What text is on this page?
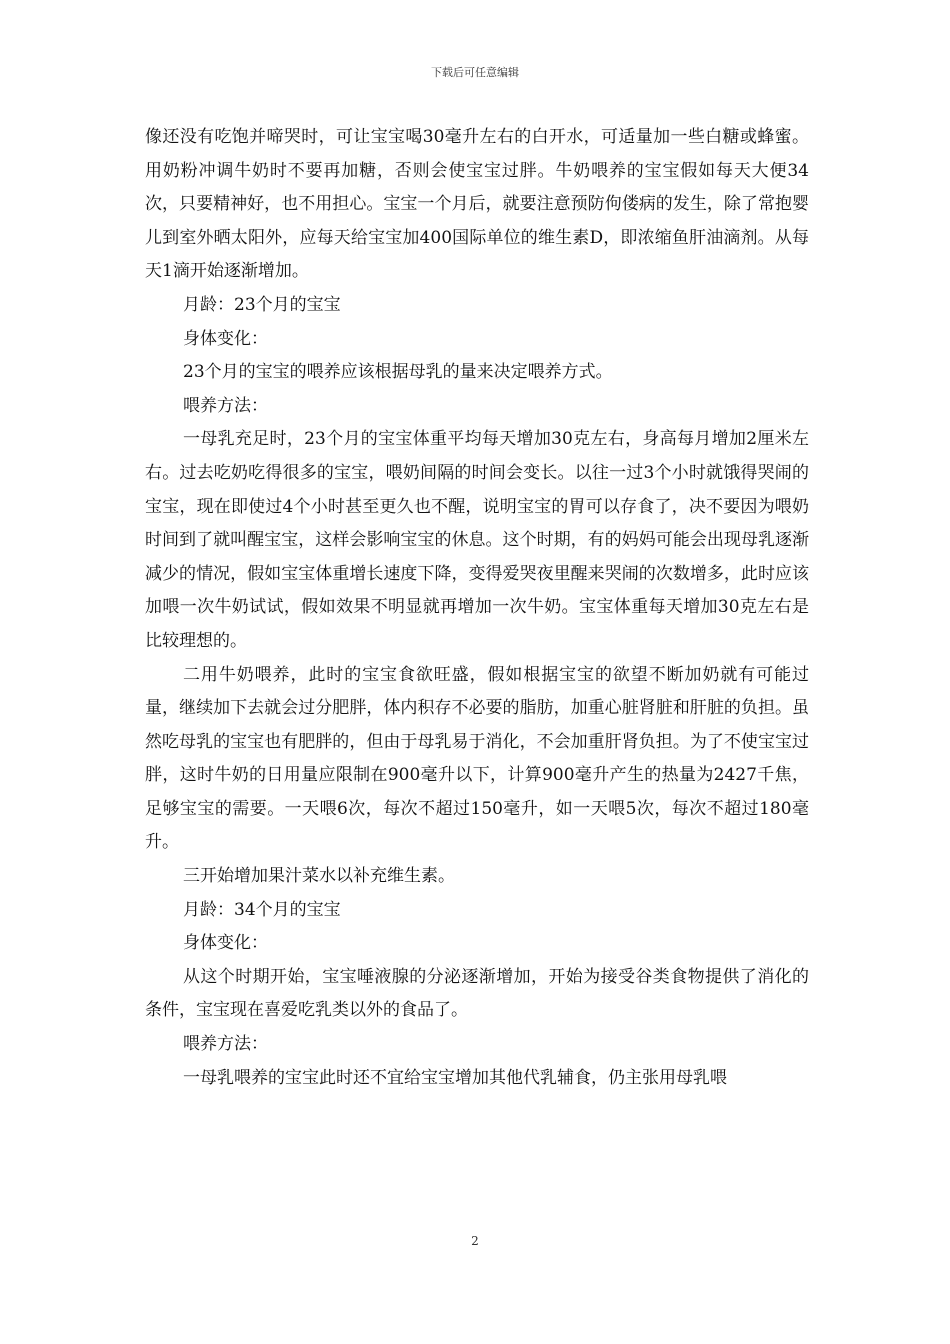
下载后可任意编辑

像还没有吃饱并啼哭时，可让宝宝喝30毫升左右的白开水，可适量加一些白糖或蜂蜜。用奶粉冲调牛奶时不要再加糖，否则会使宝宝过胖。牛奶喂养的宝宝假如每天大便34次，只要精神好，也不用担心。宝宝一个月后，就要注意预防佝偻病的发生，除了常抱婴儿到室外晒太阳外，应每天给宝宝加400国际单位的维生素D，即浓缩鱼肝油滴剂。从每天1滴开始逐渐增加。

月龄：23个月的宝宝

身体变化：

23个月的宝宝的喂养应该根据母乳的量来决定喂养方式。

喂养方法：

一母乳充足时，23个月的宝宝体重平均每天增加30克左右，身高每月增加2厘米左右。过去吃奶吃得很多的宝宝，喂奶间隔的时间会变长。以往一过3个小时就饿得哭闹的宝宝，现在即使过4个小时甚至更久也不醒，说明宝宝的胃可以存食了，决不要因为喂奶时间到了就叫醒宝宝，这样会影响宝宝的休息。这个时期，有的妈妈可能会出现母乳逐渐减少的情况，假如宝宝体重增长速度下降，变得爱哭夜里醒来哭闹的次数增多，此时应该加喂一次牛奶试试，假如效果不明显就再增加一次牛奶。宝宝体重每天增加30克左右是比较理想的。

二用牛奶喂养，此时的宝宝食欲旺盛，假如根据宝宝的欲望不断加奶就有可能过量，继续加下去就会过分肥胖，体内积存不必要的脂肪，加重心脏肾脏和肝脏的负担。虽然吃母乳的宝宝也有肥胖的，但由于母乳易于消化，不会加重肝肾负担。为了不使宝宝过胖，这时牛奶的日用量应限制在900毫升以下，计算900毫升产生的热量为2427千焦，足够宝宝的需要。一天喂6次，每次不超过150毫升，如一天喂5次，每次不超过180毫升。

三开始增加果汁菜水以补充维生素。

月龄：34个月的宝宝

身体变化：

从这个时期开始，宝宝唾液腺的分泌逐渐增加，开始为接受谷类食物提供了消化的条件，宝宝现在喜爱吃乳类以外的食品了。

喂养方法：

一母乳喂养的宝宝此时还不宜给宝宝增加其他代乳辅食，仍主张用母乳喂

2
